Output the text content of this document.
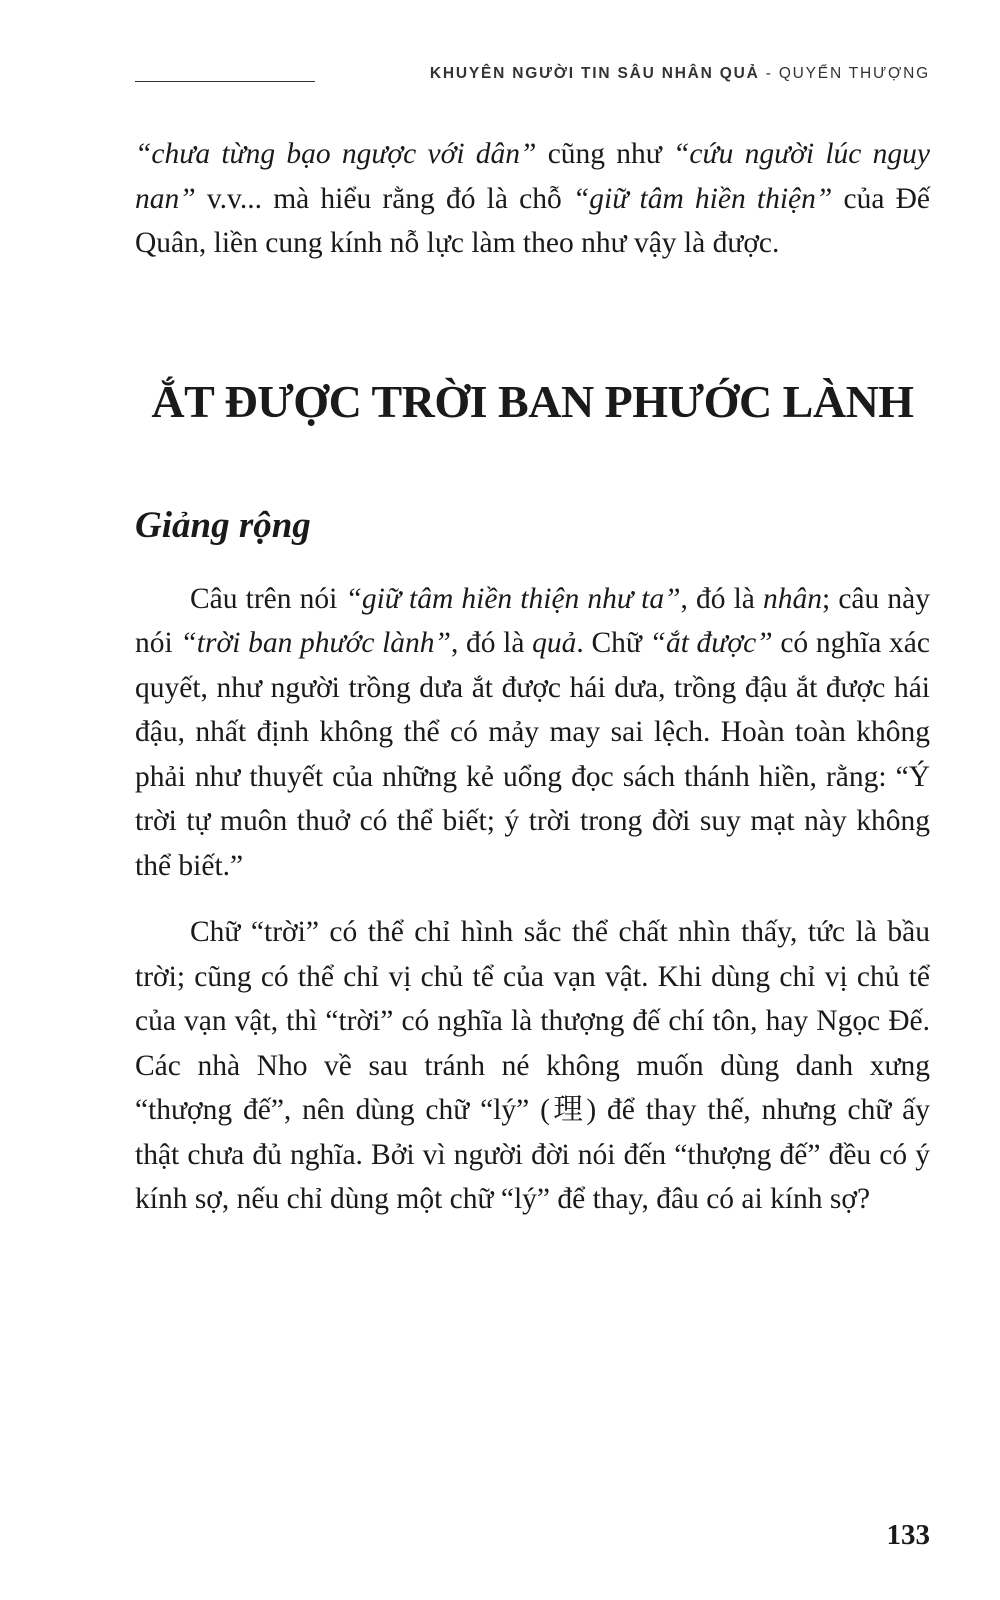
KHUYÊN NGƯỜI TIN SÂU NHÂN QUẢ - QUYỂN THƯỢNG

“chưa từng bạo ngược với dân” cũng như “cứu người lúc nguy nan” v.v... mà hiểu rằng đó là chỗ “giữ tâm hiền thiện” của Đế Quân, liền cung kính nỗ lực làm theo như vậy là được.

ẮT ĐƯỢC TRỜI BAN PHƯỚC LÀNH
Giảng rộng

Câu trên nói “giữ tâm hiền thiện như ta”, đó là nhân; câu này nói “trời ban phước lành”, đó là quả. Chữ “ắt được” có nghĩa xác quyết, như người trồng dưa ắt được hái dưa, trồng đậu ắt được hái đậu, nhất định không thể có mảy may sai lệch. Hoàn toàn không phải như thuyết của những kẻ uổng đọc sách thánh hiền, rằng: “Ý trời tự muôn thuở có thể biết; ý trời trong đời suy mạt này không thể biết.”

Chữ “trời” có thể chỉ hình sắc thể chất nhìn thấy, tức là bầu trời; cũng có thể chỉ vị chủ tể của vạn vật. Khi dùng chỉ vị chủ tể của vạn vật, thì “trời” có nghĩa là thượng đế chí tôn, hay Ngọc Đế. Các nhà Nho về sau tránh né không muốn dùng danh xưng “thượng đế”, nên dùng chữ “lý” (理) để thay thế, nhưng chữ ấy thật chưa đủ nghĩa. Bởi vì người đời nói đến “thượng đế” đều có ý kính sợ, nếu chỉ dùng một chữ “lý” để thay, đâu có ai kính sợ?

133
